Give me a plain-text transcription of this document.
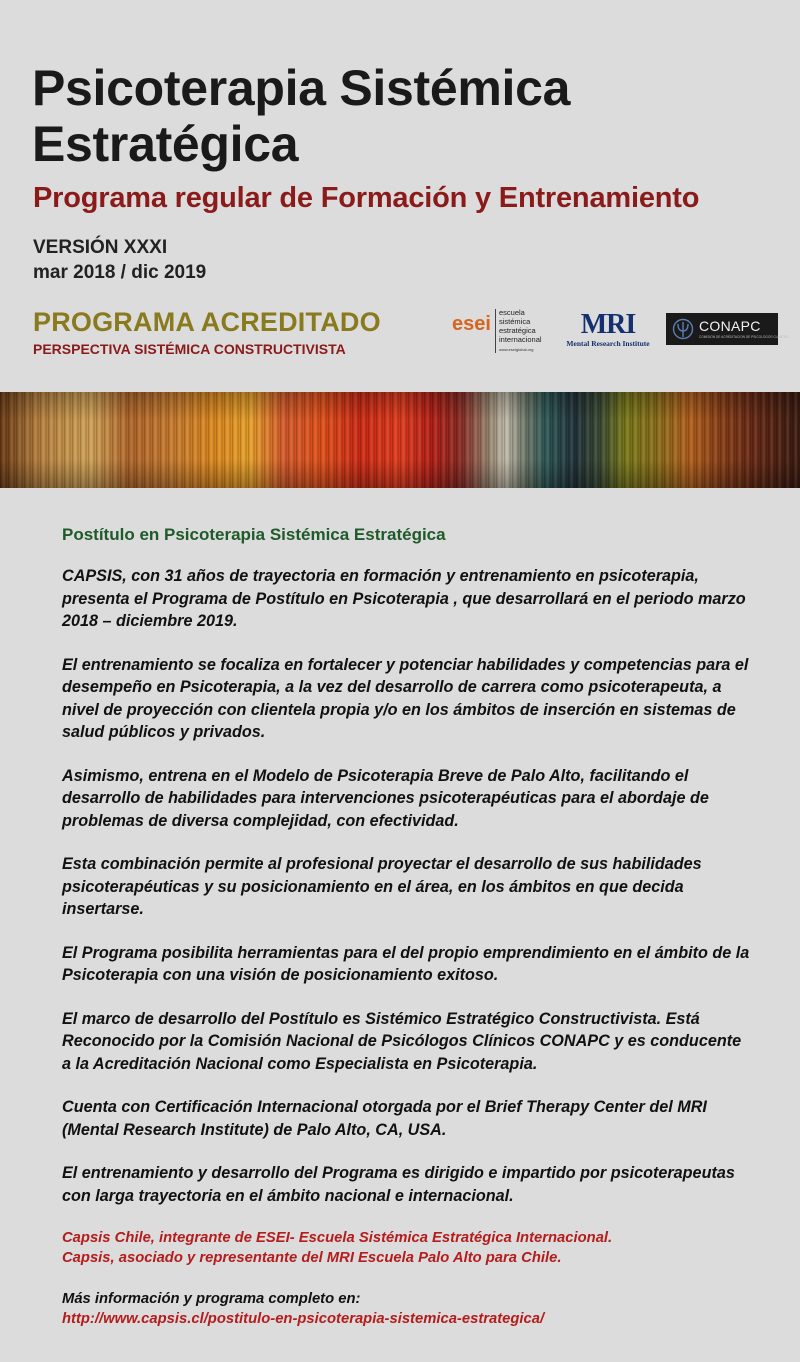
Psicoterapia Sistémica
Estratégica
Programa regular de Formación y Entrenamiento
VERSIÓN XXXI
mar 2018 / dic 2019
PROGRAMA ACREDITADO
PERSPECTIVA SISTÉMICA CONSTRUCTIVISTA
esei
escuela
sistémica
estratégica
internacional
www.eseiglobal.org
MRI
Mental Research Institute
CONAPC
COMISION DE ACREDITACION DE PSICOLOGOS CLINICOS
Postítulo en Psicoterapia Sistémica Estratégica

CAPSIS, con 31 años de trayectoria en formación y entrenamiento en psicoterapia, presenta el Programa de Postítulo en Psicoterapia , que desarrollará en el periodo marzo 2018 – diciembre 2019.

El entrenamiento se focaliza en fortalecer y potenciar habilidades y competencias para el desempeño en Psicoterapia, a la vez del desarrollo de carrera como psicoterapeuta, a nivel de proyección con clientela propia y/o en los ámbitos de inserción en sistemas de salud públicos y privados.

Asimismo, entrena en el Modelo de Psicoterapia Breve de Palo Alto, facilitando el desarrollo de habilidades para intervenciones psicoterapéuticas para el abordaje de problemas de diversa complejidad, con efectividad.

Esta combinación permite al profesional proyectar el desarrollo de sus habilidades psicoterapéuticas y su posicionamiento en el área, en los ámbitos en que decida insertarse.

El Programa posibilita herramientas para el del propio emprendimiento en el ámbito de la Psicoterapia con una visión de posicionamiento exitoso.

El marco de desarrollo del Postítulo es Sistémico Estratégico Constructivista. Está Reconocido por la Comisión Nacional de Psicólogos Clínicos CONAPC y es conducente a la Acreditación Nacional como Especialista en Psicoterapia.

Cuenta con Certificación Internacional otorgada por el Brief Therapy Center del MRI (Mental Research Institute) de Palo Alto, CA, USA.

El entrenamiento y desarrollo del Programa es dirigido e impartido por psicoterapeutas con larga trayectoria en el ámbito nacional e internacional.

Capsis Chile, integrante de ESEI- Escuela Sistémica Estratégica Internacional.
Capsis, asociado y representante del MRI Escuela Palo Alto para Chile.
Más información y programa completo en:
http://www.capsis.cl/postitulo-en-psicoterapia-sistemica-estrategica/
